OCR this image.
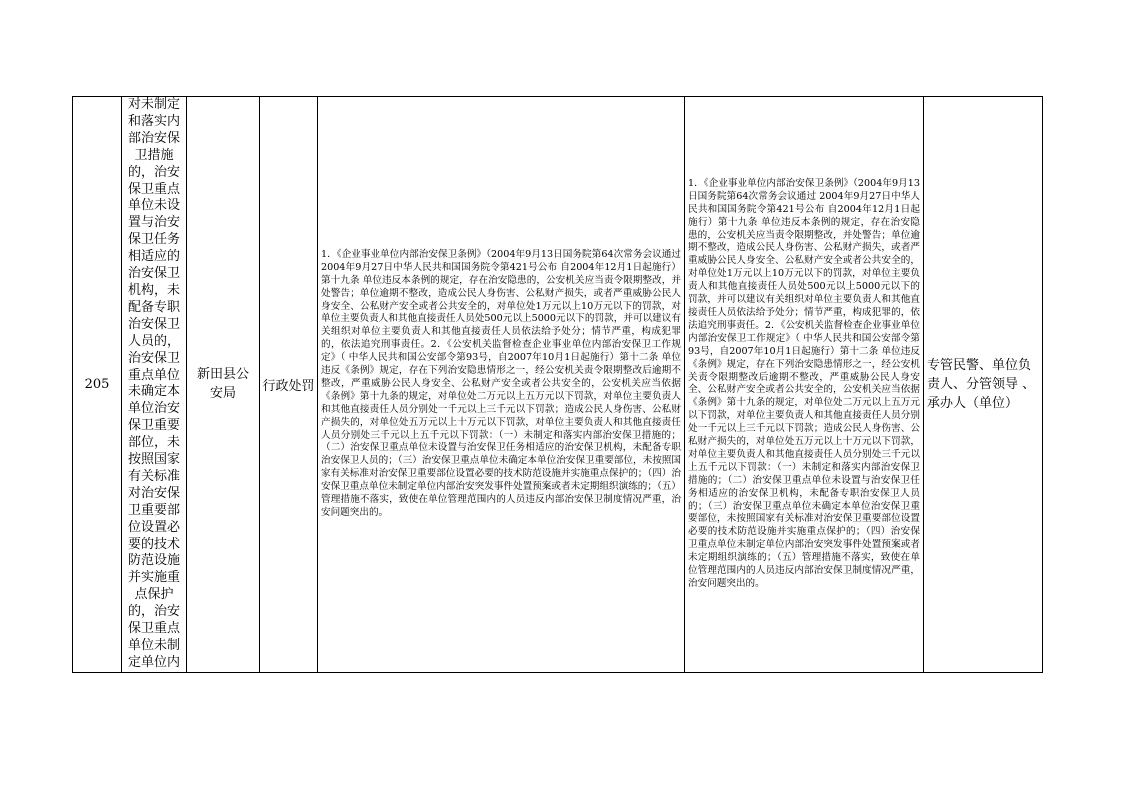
205

对未制定和落实内部治安保卫措施的，治安保卫重点单位未设置与治安保卫任务相适应的治安保卫机构，未配备专职治安保卫人员的，治安保卫重点单位未确定本单位治安保卫重要部位，未按照国家有关标准对治安保卫重要部位设置必要的技术防范设施并实施重点保护的，治安保卫重点单位未制定单位内

新田县公安局	行政处罚

1．《企业事业单位内部治安保卫条例》（2004年9月13日国务院第64次常务会议通过 2004年9月27日中华人民共和国国务院令第421号公布 自2004年12月1日起施行）第十九条 单位违反本条例的规定，存在治安隐患的，公安机关应当责令限期整改，并处警告；单位逾期不整改，造成公民人身伤害、公私财产损失，或者严重威胁公民人身安全、公私财产安全或者公共安全的，对单位处1万元以上10万元以下的罚款，对单位主要负责人和其他直接责任人员处500元以上5000元以下的罚款，并可以建议有关组织对单位主要负责人和其他直接责任人员依法给予处分；情节严重，构成犯罪的，依法追究刑事责任。2．《公安机关监督检查企业事业单位内部治安保卫工作规定》（ 中华人民共和国公安部令第93号，自2007年10月1日起施行）第十二条 单位违反《条例》规定，存在下列治安隐患情形之一，经公安机关责令限期整改后逾期不整改，严重威胁公民人身安全、公私财产安全或者公共安全的，公安机关应当依据《条例》第十九条的规定，对单位处二万元以上五万元以下罚款，对单位主要负责人和其他直接责任人员分别处一千元以上三千元以下罚款；造成公民人身伤害、公私财产损失的，对单位处五万元以上十万元以下罚款，对单位主要负责人和其他直接责任人员分别处三千元以上五千元以下罚款：（一）未制定和落实内部治安保卫措施的；（二）治安保卫重点单位未设置与治安保卫任务相适应的治安保卫机构，未配备专职治安保卫人员的；（三）治安保卫重点单位未确定本单位治安保卫重要部位，未按照国家有关标准对治安保卫重要部位设置必要的技术防范设施并实施重点保护的；（四）治安保卫重点单位未制定单位内部治安突发事件处置预案或者未定期组织演练的；（五）管理措施不落实，致使在单位管理范围内的人员违反内部治安保卫制度情况严重，治安问题突出的。

1．《企业事业单位内部治安保卫条例》（2004年9月13日国务院第64次常务会议通过 2004年9月27日中华人民共和国国务院令第421号公布 自2004年12月1日起施行）第十九条 单位违反本条例的规定，存在治安隐患的，公安机关应当责令限期整改，并处警告；单位逾期不整改，造成公民人身伤害、公私财产损失，或者严重威胁公民人身安全、公私财产安全或者公共安全的，对单位处1万元以上10万元以下的罚款，对单位主要负责人和其他直接责任人员处500元以上5000元以下的罚款，并可以建议有关组织对单位主要负责人和其他直接责任人员依法给予处分；情节严重，构成犯罪的，依法追究刑事责任。2．《公安机关监督检查企业事业单位内部治安保卫工作规定》（ 中华人民共和国公安部令第93号，自2007年10月1日起施行）第十二条 单位违反《条例》规定，存在下列治安隐患情形之一，经公安机关责令限期整改后逾期不整改，严重威胁公民人身安全、公私财产安全或者公共安全的，公安机关应当依据《条例》第十九条的规定，对单位处二万元以上五万元以下罚款，对单位主要负责人和其他直接责任人员分别处一千元以上三千元以下罚款；造成公民人身伤害、公私财产损失的，对单位处五万元以上十万元以下罚款，对单位主要负责人和其他直接责任人员分别处三千元以上五千元以下罚款：（一）未制定和落实内部治安保卫措施的；（二）治安保卫重点单位未设置与治安保卫任务相适应的治安保卫机构，未配备专职治安保卫人员的；（三）治安保卫重点单位未确定本单位治安保卫重要部位，未按照国家有关标准对治安保卫重要部位设置必要的技术防范设施并实施重点保护的；（四）治安保卫重点单位未制定单位内部治安突发事件处置预案或者未定期组织演练的；（五）管理措施不落实，致使在单位管理范围内的人员违反内部治安保卫制度情况严重，治安问题突出的。

专管民警、单位负责人、分管领导 、承办人（单位）
